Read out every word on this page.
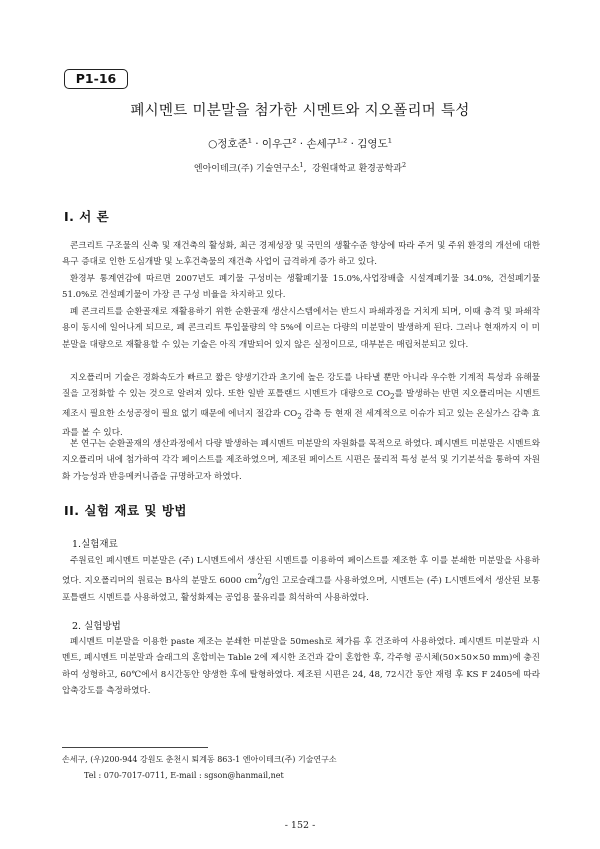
P1-16
폐시멘트 미분말을 첨가한 시멘트와 지오폴리머 특성
○정호준$^1$ · 이우근$^2$ · 손세구$^{1,2}$ · 김영도$^1$
엔아이테크(주) 기술연구소$^1$,  강원대학교 환경공학과$^2$
I. 서 론

콘크리트 구조물의 신축 및 재건축의 활성화, 최근 경제성장 및 국민의 생활수준 향상에 따라 주거 및 주위 환경의 개선에 대한 욕구 증대로 인한 도심개발 및 노후건축물의 재건축 사업이 급격하게 증가 하고 있다.

환경부 통계연감에 따르면 2007년도 폐기물 구성비는 생활폐기물 15.0%,사업장배출 시설계폐기물 34.0%, 건설폐기물 51.0%로 건설폐기물이 가장 큰 구성 비율을 차지하고 있다.

폐 콘크리트를 순환골재로 재활용하기 위한 순환골재 생산시스템에서는 반드시 파쇄과정을 거치게 되며, 이때 충격 및 파쇄작용이 동시에 일어나게 되므로, 폐 콘크리트 투입물량의 약 5%에 이르는 다량의 미분말이 발생하게 된다. 그러나 현재까지 이 미분말을 대량으로 재활용할 수 있는 기술은 아직 개발되어 있지 않은 실정이므로, 대부분은 매립처분되고 있다.

지오폴리머 기술은 경화속도가 빠르고 짧은 양생기간과 초기에 높은 강도를 나타낼 뿐만 아니라 우수한 기계적 특성과 유해물질을 고정화할 수 있는 것으로 알려져 있다. 또한 일반 포틀랜드 시멘트가 대량으로 $CO_2$를 발생하는 반면 지오폴리머는 시멘트 제조시 필요한 소성공정이 필요 없기 때문에 에너지 절감과 $CO_2$ 감축 등 현재 전 세계적으로 이슈가 되고 있는 온실가스 감축 효과를 볼 수 있다.

본 연구는 순환골재의 생산과정에서 다량 발생하는 폐시멘트 미분말의 자원화를 목적으로 하였다. 폐시멘트 미분말은 시멘트와 지오폴리머 내에 첨가하여 각각 페이스트를 제조하였으며, 제조된 페이스트 시편은 물리적 특성 분석 및 기기분석을 통하여 자원화 가능성과 반응메커니즘을 규명하고자 하였다.

II. 실험 재료 및 방법
1.실험재료

주원료인 폐시멘트 미분말은 (주) L시멘트에서 생산된 시멘트를 이용하여 페이스트를 제조한 후 이를 분쇄한 미분말을 사용하였다. 지오폴리머의 원료는 B사의 분말도 6000 $cm^2/g$인 고로슬래그를 사용하였으며, 시멘트는 (주) L시멘트에서 생산된 보통 포틀랜드 시멘트를 사용하였고, 활성화제는 공업용 물유리를 희석하여 사용하였다.

2. 실험방법

폐시멘트 미분말을 이용한 paste 제조는 분쇄한 미분말을 50mesh로 체가름 후 건조하여 사용하였다. 폐시멘트 미분말과 시멘트, 폐시멘트 미분말과 슬래그의 혼합비는 Table 2에 제시한 조건과 같이 혼합한 후, 각주형 공시체(50×50×50 mm)에 충진하여 성형하고, 60℃에서 8시간동안 양생한 후에 탈형하였다. 제조된 시편은 24, 48, 72시간 동안 재령 후 KS F 2405에 따라 압축강도를 측정하였다.

손세구, (우)200-944 강원도 춘천시 퇴계동 863-1 엔아이테크(주) 기술연구소
Tel : 070-7017-0711, E-mail : sgson@hanmail,net
- 152 -
